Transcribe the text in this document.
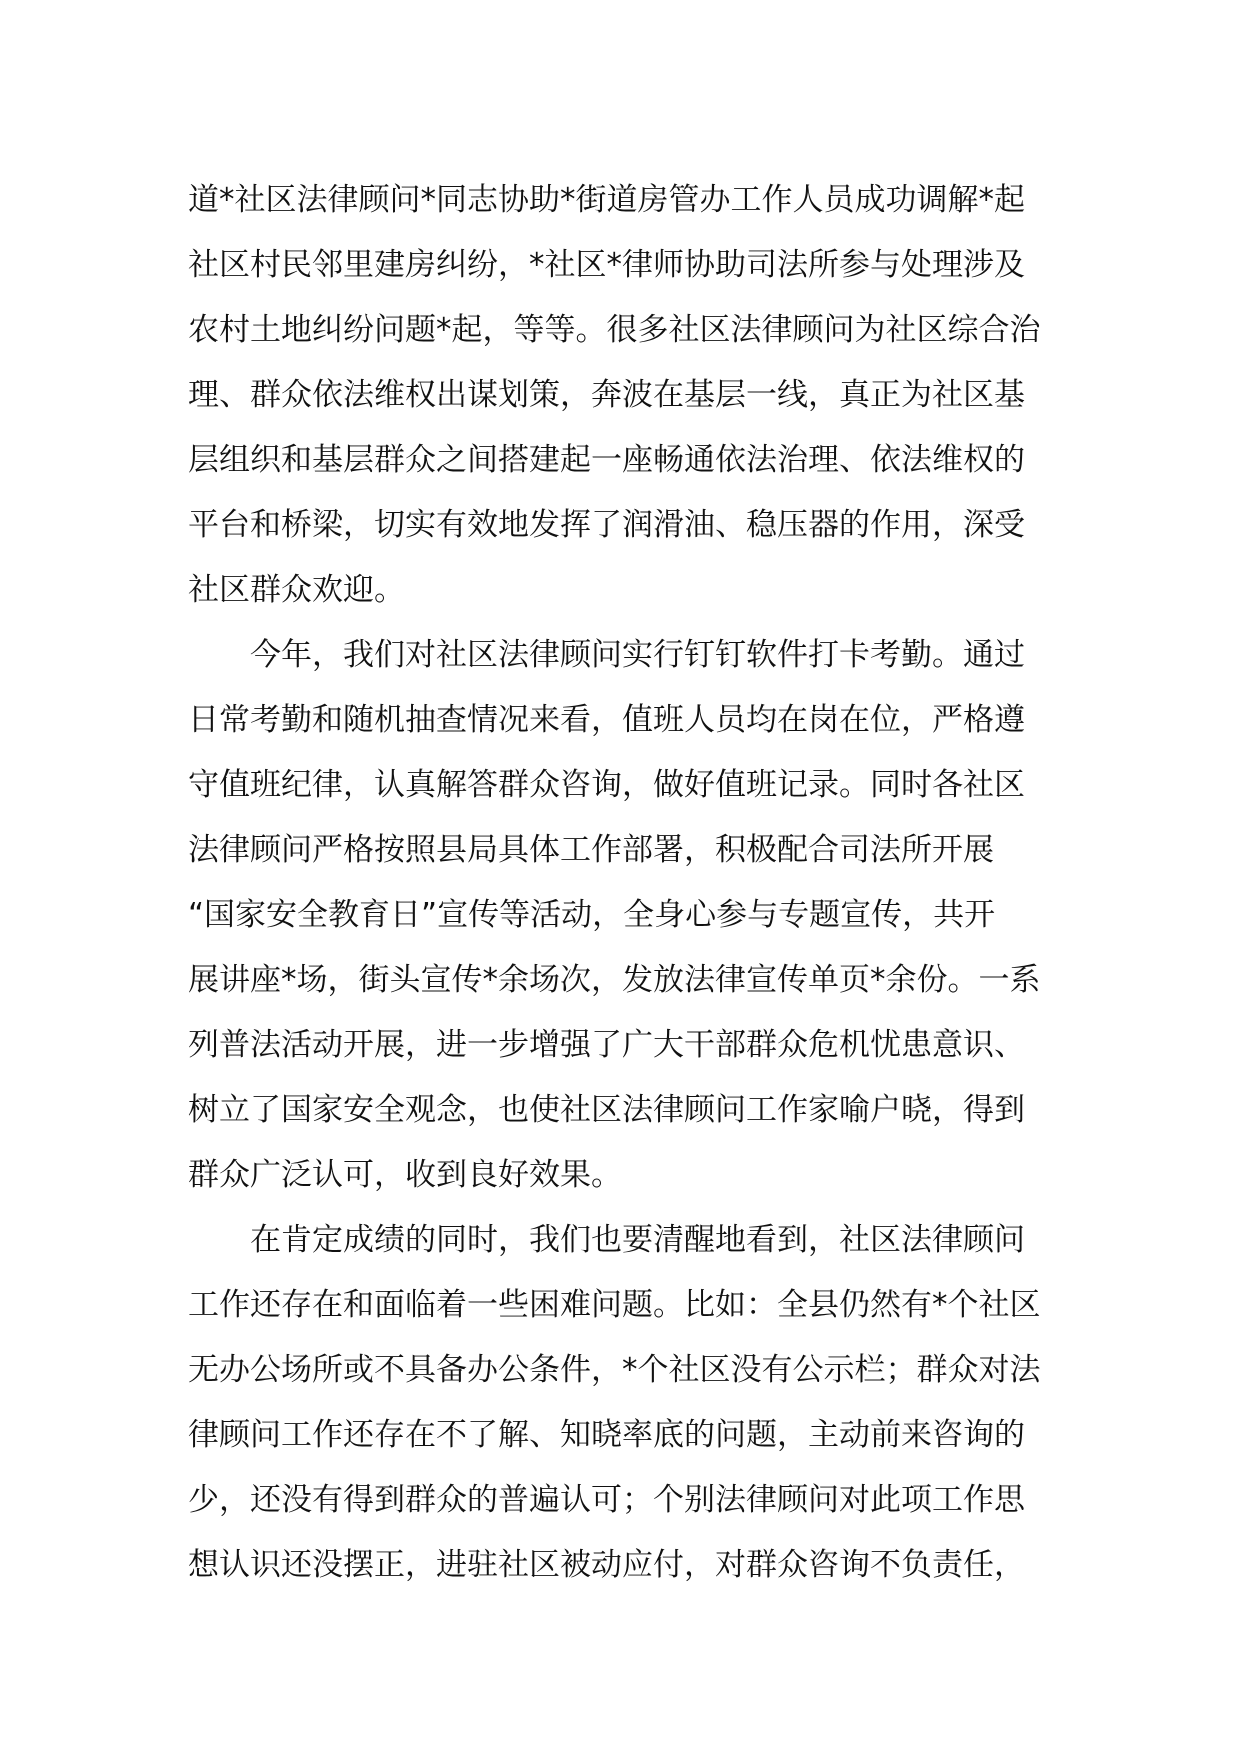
道*社区法律顾问*同志协助*街道房管办工作人员成功调解*起
社区村民邻里建房纠纷，*社区*律师协助司法所参与处理涉及
农村土地纠纷问题*起，等等。很多社区法律顾问为社区综合治
理、群众依法维权出谋划策，奔波在基层一线，真正为社区基
层组织和基层群众之间搭建起一座畅通依法治理、依法维权的
平台和桥梁，切实有效地发挥了润滑油、稳压器的作用，深受
社区群众欢迎。
　　今年，我们对社区法律顾问实行钉钉软件打卡考勤。通过
日常考勤和随机抽查情况来看，值班人员均在岗在位，严格遵
守值班纪律，认真解答群众咨询，做好值班记录。同时各社区
法律顾问严格按照县局具体工作部署，积极配合司法所开展
“国家安全教育日”宣传等活动，全身心参与专题宣传，共开
展讲座*场，街头宣传*余场次，发放法律宣传单页*余份。一系
列普法活动开展，进一步增强了广大干部群众危机忧患意识、
树立了国家安全观念，也使社区法律顾问工作家喻户晓，得到
群众广泛认可，收到良好效果。
　　在肯定成绩的同时，我们也要清醒地看到，社区法律顾问
工作还存在和面临着一些困难问题。比如：全县仍然有*个社区
无办公场所或不具备办公条件，*个社区没有公示栏；群众对法
律顾问工作还存在不了解、知晓率底的问题，主动前来咨询的
少，还没有得到群众的普遍认可；个别法律顾问对此项工作思
想认识还没摆正，进驻社区被动应付，对群众咨询不负责任，
